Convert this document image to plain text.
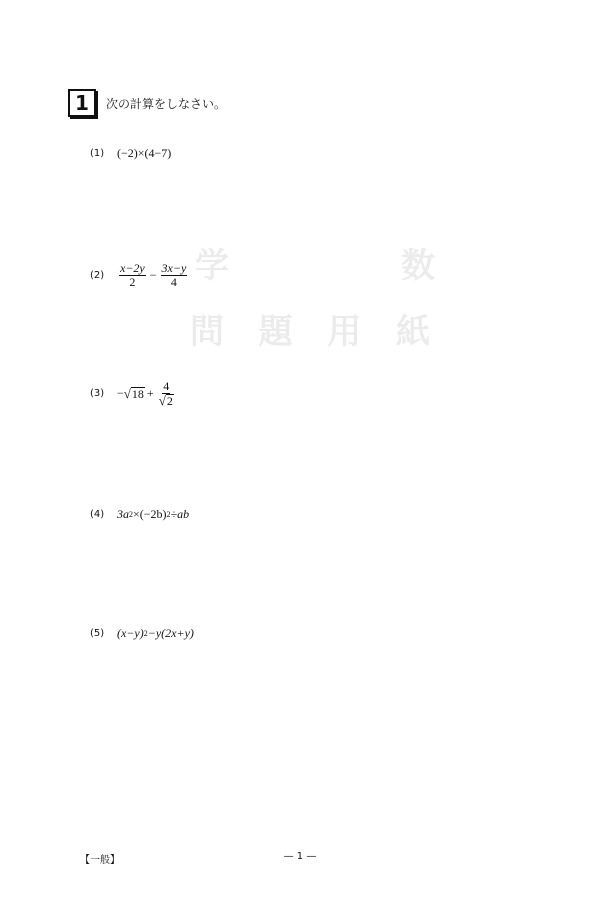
学	数
問 題 用 紙
1 次の計算をしなさい。
(1)	(−2)×(4−7)
(2)	$\frac{x-2y}{2} - \frac{3x-y}{4}$
(3)	− √ $18 + \frac{4}{√ 2}$
(4)	3a 2 ×(−2b) 2 ÷ab
(5)	(x−y) 2 −y(2x+y)
【一般】	— 1 —
